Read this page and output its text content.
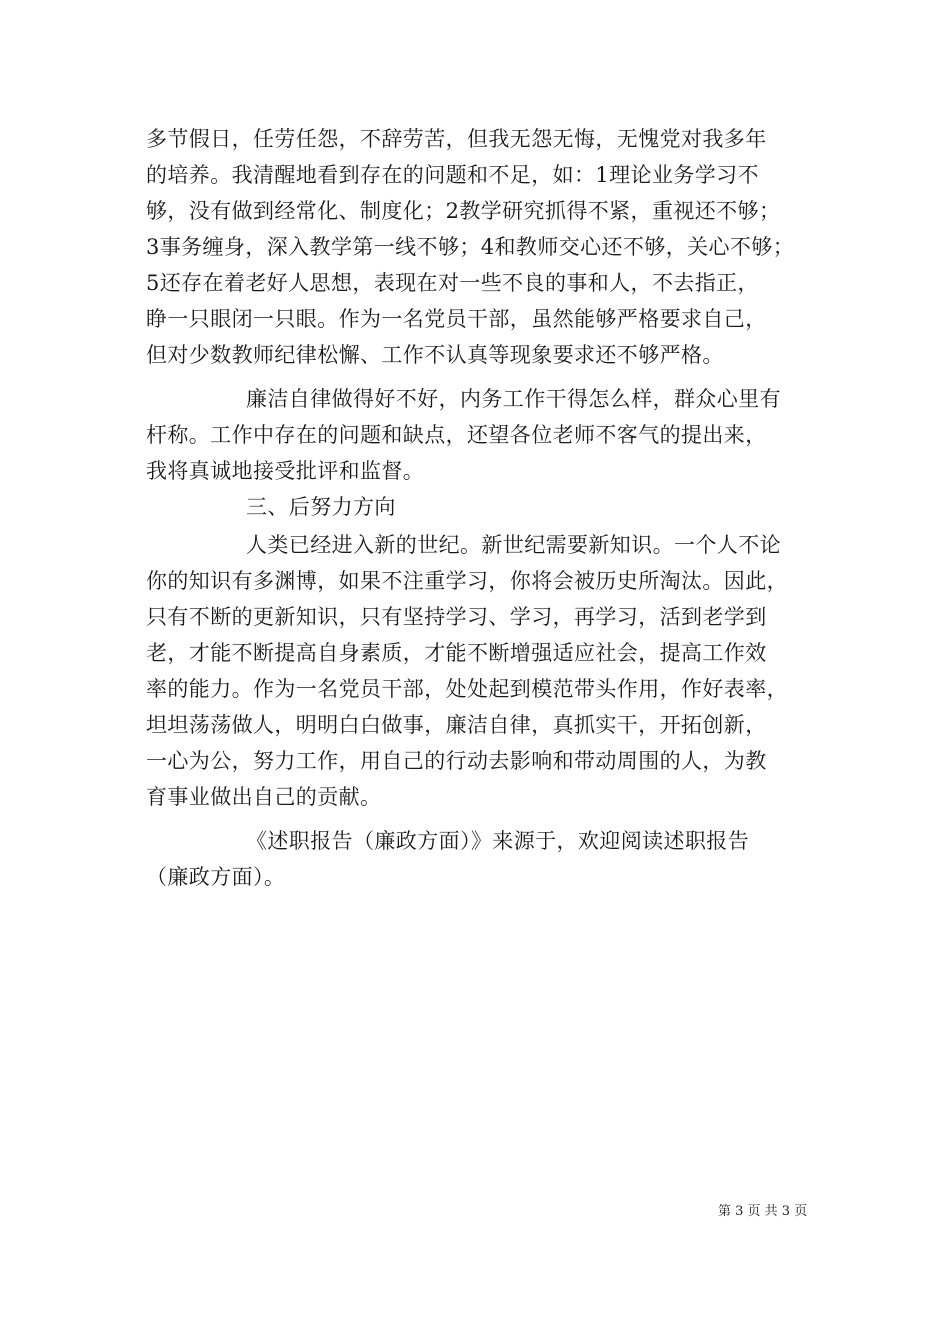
多节假日，任劳任怨，不辞劳苦，但我无怨无悔，无愧党对我多年
的培养。我清醒地看到存在的问题和不足，如：1理论业务学习不
够，没有做到经常化、制度化；2教学研究抓得不紧，重视还不够；
3事务缠身，深入教学第一线不够；4和教师交心还不够，关心不够；
5还存在着老好人思想，表现在对一些不良的事和人，不去指正，
睁一只眼闭一只眼。作为一名党员干部，虽然能够严格要求自己，
但对少数教师纪律松懈、工作不认真等现象要求还不够严格。
廉洁自律做得好不好，内务工作干得怎么样，群众心里有
杆称。工作中存在的问题和缺点，还望各位老师不客气的提出来，
我将真诚地接受批评和监督。
三、后努力方向
人类已经进入新的世纪。新世纪需要新知识。一个人不论
你的知识有多渊博，如果不注重学习，你将会被历史所淘汰。因此，
只有不断的更新知识，只有坚持学习、学习，再学习，活到老学到
老，才能不断提高自身素质，才能不断增强适应社会，提高工作效
率的能力。作为一名党员干部，处处起到模范带头作用，作好表率，
坦坦荡荡做人，明明白白做事，廉洁自律，真抓实干，开拓创新，
一心为公，努力工作，用自己的行动去影响和带动周围的人，为教
育事业做出自己的贡献。
《述职报告（廉政方面）》来源于，欢迎阅读述职报告
（廉政方面）。
第 3 页 共 3 页
